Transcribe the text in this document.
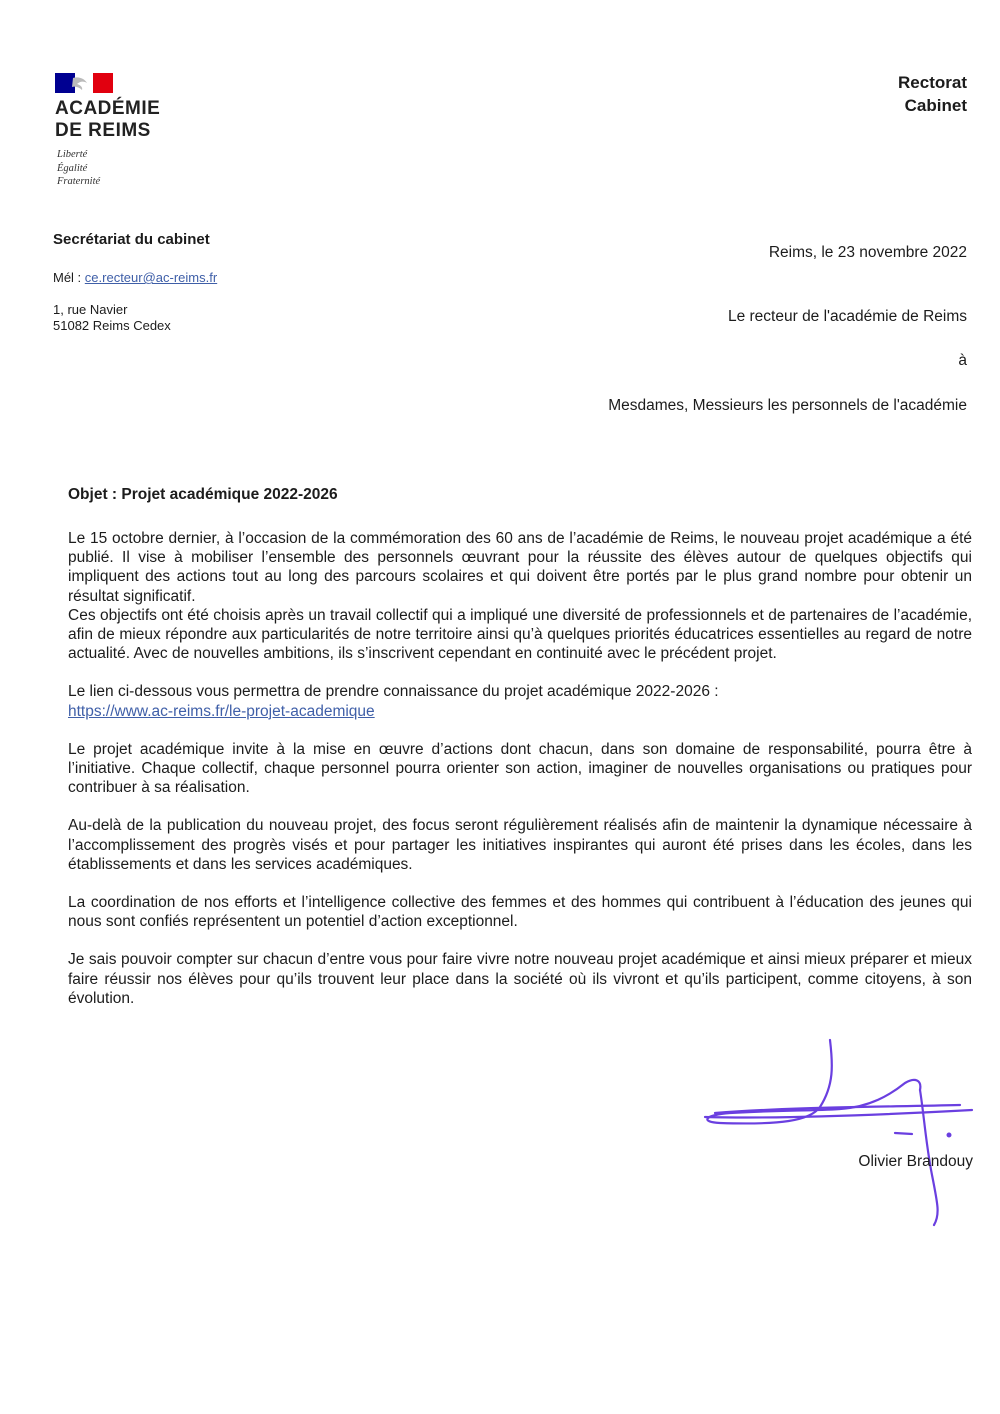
ACADÉMIE
DE REIMS
Liberté
Égalité
Fraternité
Rectorat
Cabinet
Secrétariat du cabinet
Mél : ce.recteur@ac-reims.fr
1, rue Navier
51082 Reims Cedex
Reims, le 23 novembre 2022
Le recteur de l'académie de Reims
à
Mesdames, Messieurs les personnels de l'académie
Objet : Projet académique 2022-2026

Le 15 octobre dernier, à l’occasion de la commémoration des 60 ans de l’académie de Reims, le nouveau projet académique a été publié. Il vise à mobiliser l’ensemble des personnels œuvrant pour la réussite des élèves autour de quelques objectifs qui impliquent des actions tout au long des parcours scolaires et qui doivent être portés par le plus grand nombre pour obtenir un résultat significatif.

Ces objectifs ont été choisis après un travail collectif qui a impliqué une diversité de professionnels et de partenaires de l’académie, afin de mieux répondre aux particularités de notre territoire ainsi qu’à quelques priorités éducatrices essentielles au regard de notre actualité. Avec de nouvelles ambitions, ils s’inscrivent cependant en continuité avec le précédent projet.

Le lien ci-dessous vous permettra de prendre connaissance du projet académique 2022-2026 :

https://www.ac-reims.fr/le-projet-academique

Le projet académique invite à la mise en œuvre d’actions dont chacun, dans son domaine de responsabilité, pourra être à l’initiative. Chaque collectif, chaque personnel pourra orienter son action, imaginer de nouvelles organisations ou pratiques pour contribuer à sa réalisation.

Au-delà de la publication du nouveau projet, des focus seront régulièrement réalisés afin de maintenir la dynamique nécessaire à l’accomplissement des progrès visés et pour partager les initiatives inspirantes qui auront été prises dans les écoles, dans les établissements et dans les services académiques.

La coordination de nos efforts et l’intelligence collective des femmes et des hommes qui contribuent à l’éducation des jeunes qui nous sont confiés représentent un potentiel d’action exceptionnel.

Je sais pouvoir compter sur chacun d’entre vous pour faire vivre notre nouveau projet académique et ainsi mieux préparer et mieux faire réussir nos élèves pour qu’ils trouvent leur place dans la société où ils vivront et qu’ils participent, comme citoyens, à son évolution.

Olivier Brandouy
